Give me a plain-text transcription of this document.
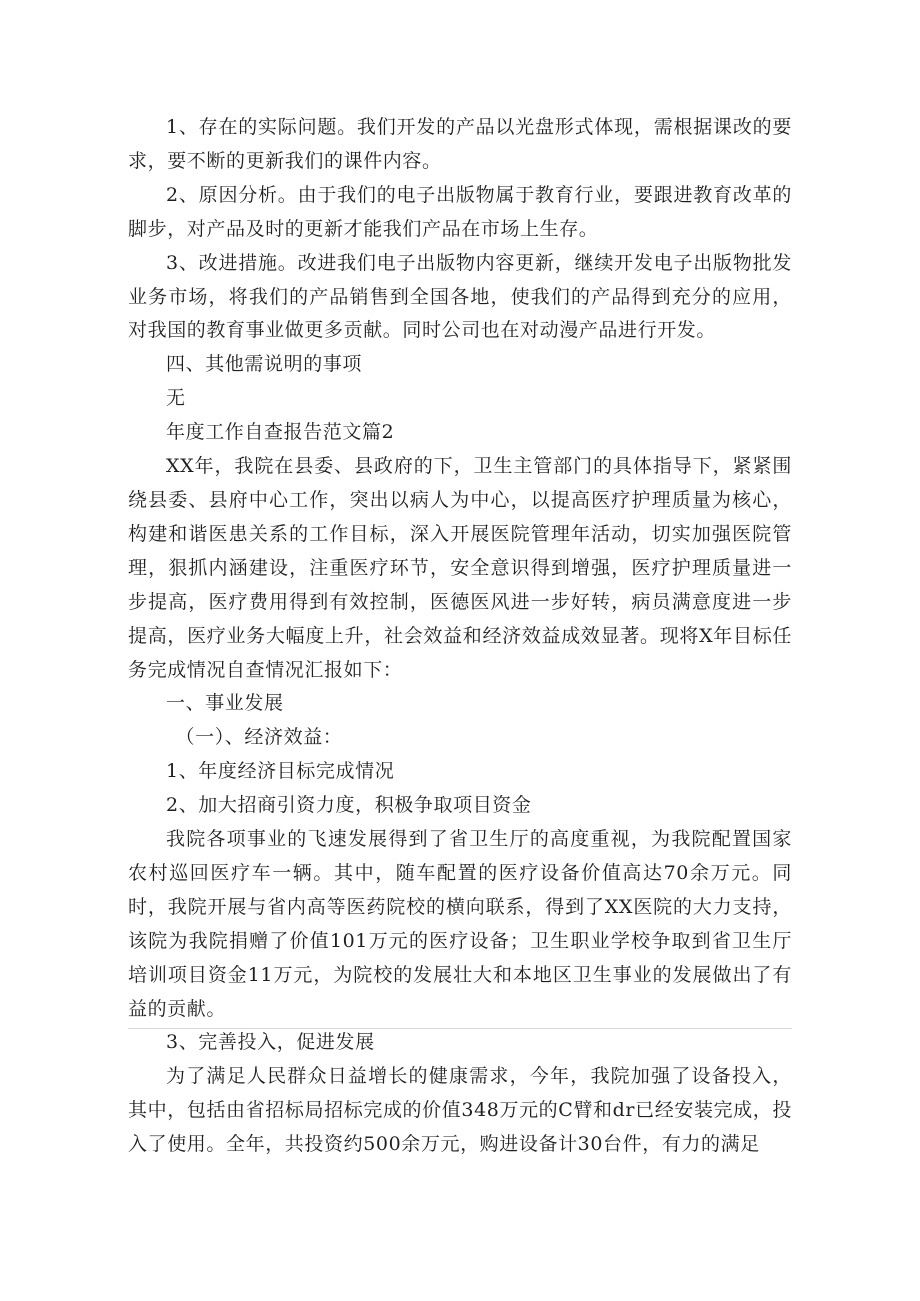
1、存在的实际问题。我们开发的产品以光盘形式体现，需根据课改的要求，要不断的更新我们的课件内容。

2、原因分析。由于我们的电子出版物属于教育行业，要跟进教育改革的脚步，对产品及时的更新才能我们产品在市场上生存。

3、改进措施。改进我们电子出版物内容更新，继续开发电子出版物批发业务市场，将我们的产品销售到全国各地，使我们的产品得到充分的应用，对我国的教育事业做更多贡献。同时公司也在对动漫产品进行开发。

四、其他需说明的事项

无

年度工作自查报告范文篇2

XX年，我院在县委、县政府的下，卫生主管部门的具体指导下，紧紧围绕县委、县府中心工作，突出以病人为中心，以提高医疗护理质量为核心，构建和谐医患关系的工作目标，深入开展医院管理年活动，切实加强医院管理，狠抓内涵建设，注重医疗环节，安全意识得到增强，医疗护理质量进一步提高，医疗费用得到有效控制，医德医风进一步好转，病员满意度进一步提高，医疗业务大幅度上升，社会效益和经济效益成效显著。现将X年目标任务完成情况自查情况汇报如下：

一、事业发展

（一）、经济效益：

1、年度经济目标完成情况

2、加大招商引资力度，积极争取项目资金

我院各项事业的飞速发展得到了省卫生厅的高度重视，为我院配置国家农村巡回医疗车一辆。其中，随车配置的医疗设备价值高达70余万元。同时，我院开展与省内高等医药院校的横向联系，得到了XX医院的大力支持，该院为我院捐赠了价值101万元的医疗设备；卫生职业学校争取到省卫生厅培训项目资金11万元，为院校的发展壮大和本地区卫生事业的发展做出了有益的贡献。

3、完善投入，促进发展

为了满足人民群众日益增长的健康需求，今年，我院加强了设备投入，其中，包括由省招标局招标完成的价值348万元的C臂和dr已经安装完成，投入了使用。全年，共投资约500余万元，购进设备计30台件，有力的满足
